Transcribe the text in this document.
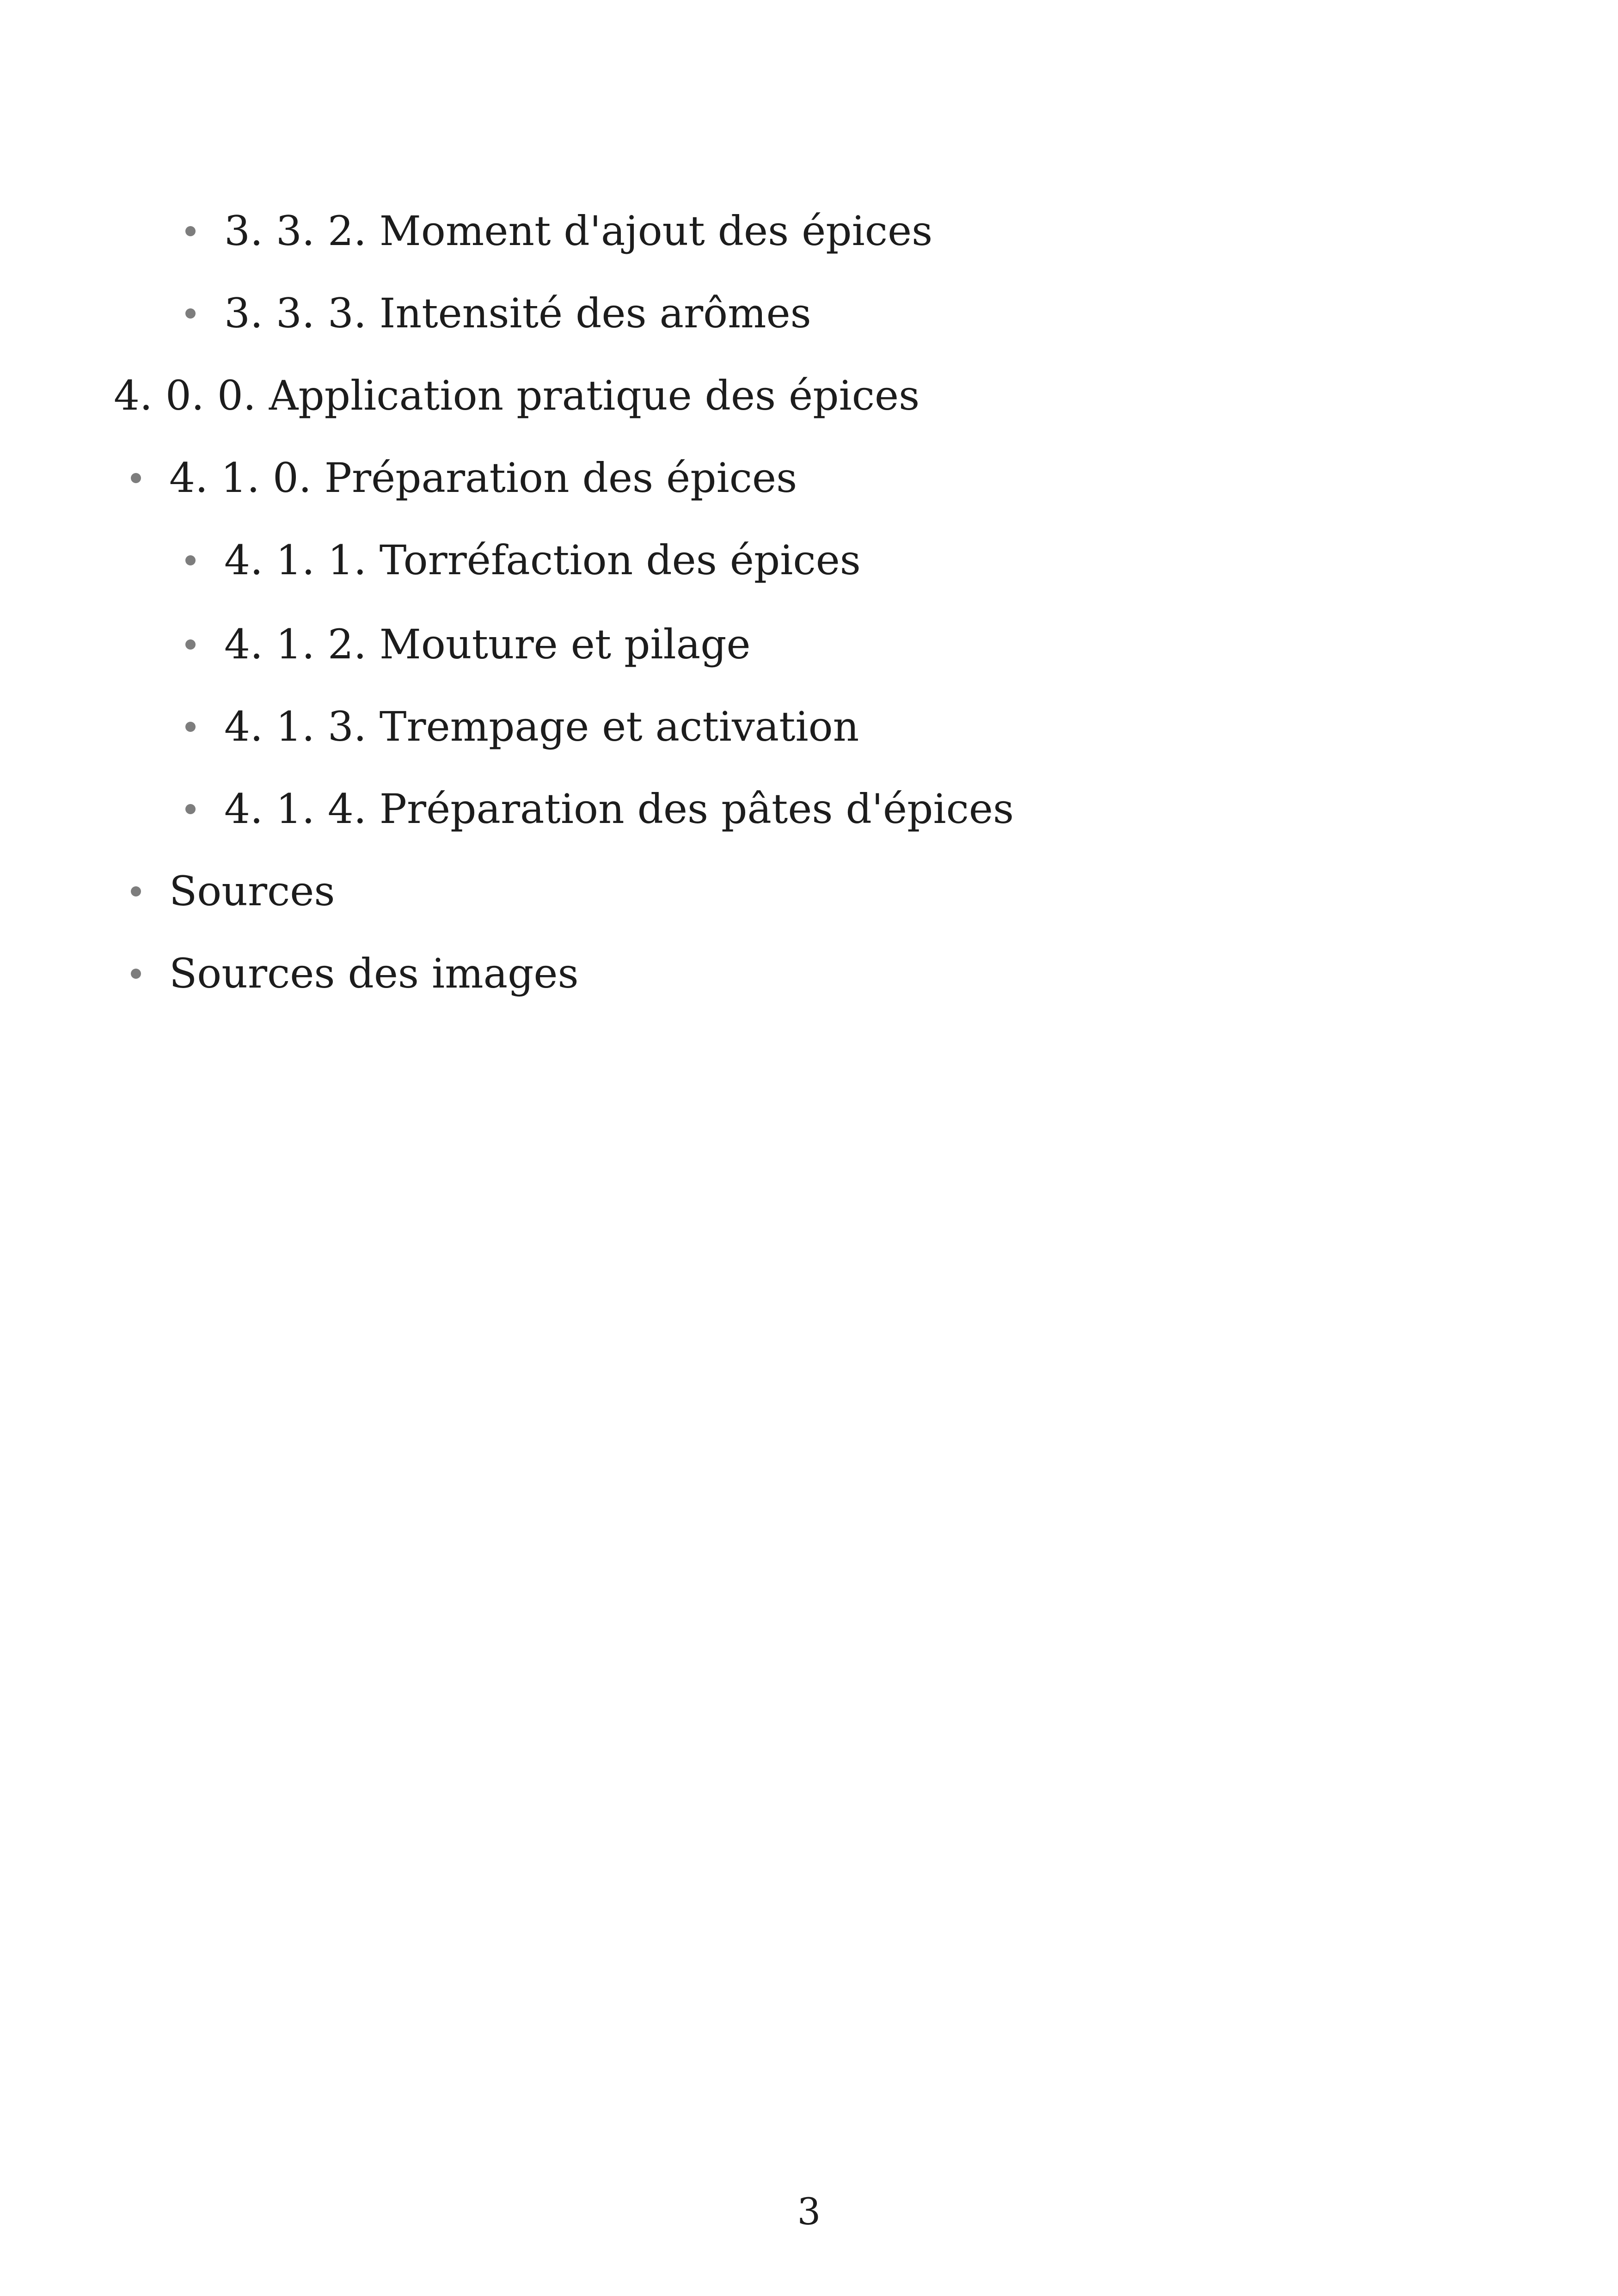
3. 3. 2. Moment d'ajout des épices
3. 3. 3. Intensité des arômes
4. 0. 0. Application pratique des épices
4. 1. 0. Préparation des épices
4. 1. 1. Torréfaction des épices
4. 1. 2. Mouture et pilage
4. 1. 3. Trempage et activation
4. 1. 4. Préparation des pâtes d'épices
Sources
Sources des images
3
